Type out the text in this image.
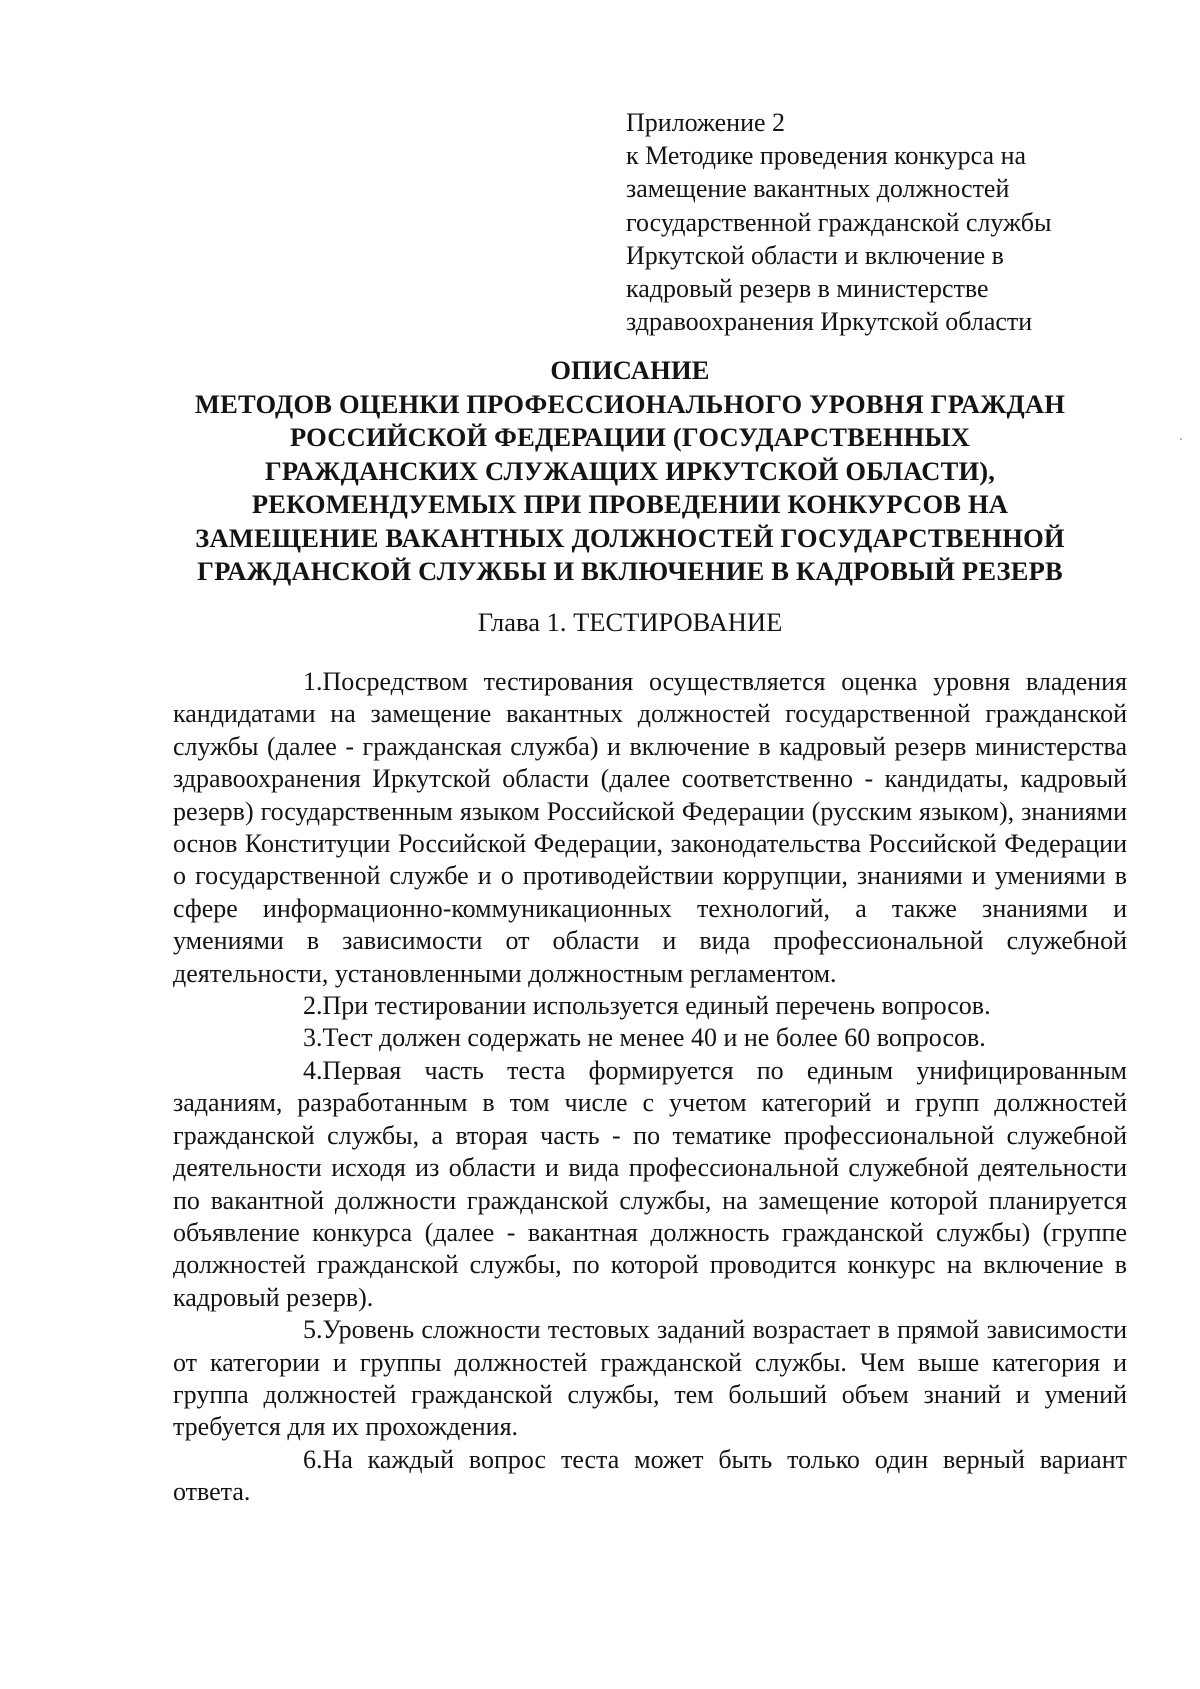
Приложение 2
к Методике проведения конкурса на
замещение вакантных должностей
государственной гражданской службы
Иркутской области и включение в
кадровый резерв в министерстве
здравоохранения Иркутской области
ОПИСАНИЕ
МЕТОДОВ ОЦЕНКИ ПРОФЕССИОНАЛЬНОГО УРОВНЯ ГРАЖДАН
РОССИЙСКОЙ ФЕДЕРАЦИИ (ГОСУДАРСТВЕННЫХ
ГРАЖДАНСКИХ СЛУЖАЩИХ ИРКУТСКОЙ ОБЛАСТИ),
РЕКОМЕНДУЕМЫХ ПРИ ПРОВЕДЕНИИ КОНКУРСОВ НА
ЗАМЕЩЕНИЕ ВАКАНТНЫХ ДОЛЖНОСТЕЙ ГОСУДАРСТВЕННОЙ
ГРАЖДАНСКОЙ СЛУЖБЫ И ВКЛЮЧЕНИЕ В КАДРОВЫЙ РЕЗЕРВ
Глава 1. ТЕСТИРОВАНИЕ

1.Посредством тестирования осуществляется оценка уровня владения кандидатами на замещение вакантных должностей государственной гражданской службы (далее - гражданская служба) и включение в кадровый резерв министерства здравоохранения Иркутской области (далее соответственно - кандидаты, кадровый резерв) государственным языком Российской Федерации (русским языком), знаниями основ Конституции Российской Федерации, законодательства Российской Федерации о государственной службе и о противодействии коррупции, знаниями и умениями в сфере информационно-коммуникационных технологий, а также знаниями и умениями в зависимости от области и вида профессиональной служебной деятельности, установленными должностным регламентом.

2.При тестировании используется единый перечень вопросов.

3.Тест должен содержать не менее 40 и не более 60 вопросов.

4.Первая часть теста формируется по единым унифицированным заданиям, разработанным в том числе с учетом категорий и групп должностей гражданской службы, а вторая часть - по тематике профессиональной служебной деятельности исходя из области и вида профессиональной служебной деятельности по вакантной должности гражданской службы, на замещение которой планируется объявление конкурса (далее - вакантная должность гражданской службы) (группе должностей гражданской службы, по которой проводится конкурс на включение в кадровый резерв).

5.Уровень сложности тестовых заданий возрастает в прямой зависимости от категории и группы должностей гражданской службы. Чем выше категория и группа должностей гражданской службы, тем больший объем знаний и умений требуется для их прохождения.

6.На каждый вопрос теста может быть только один верный вариант ответа.
